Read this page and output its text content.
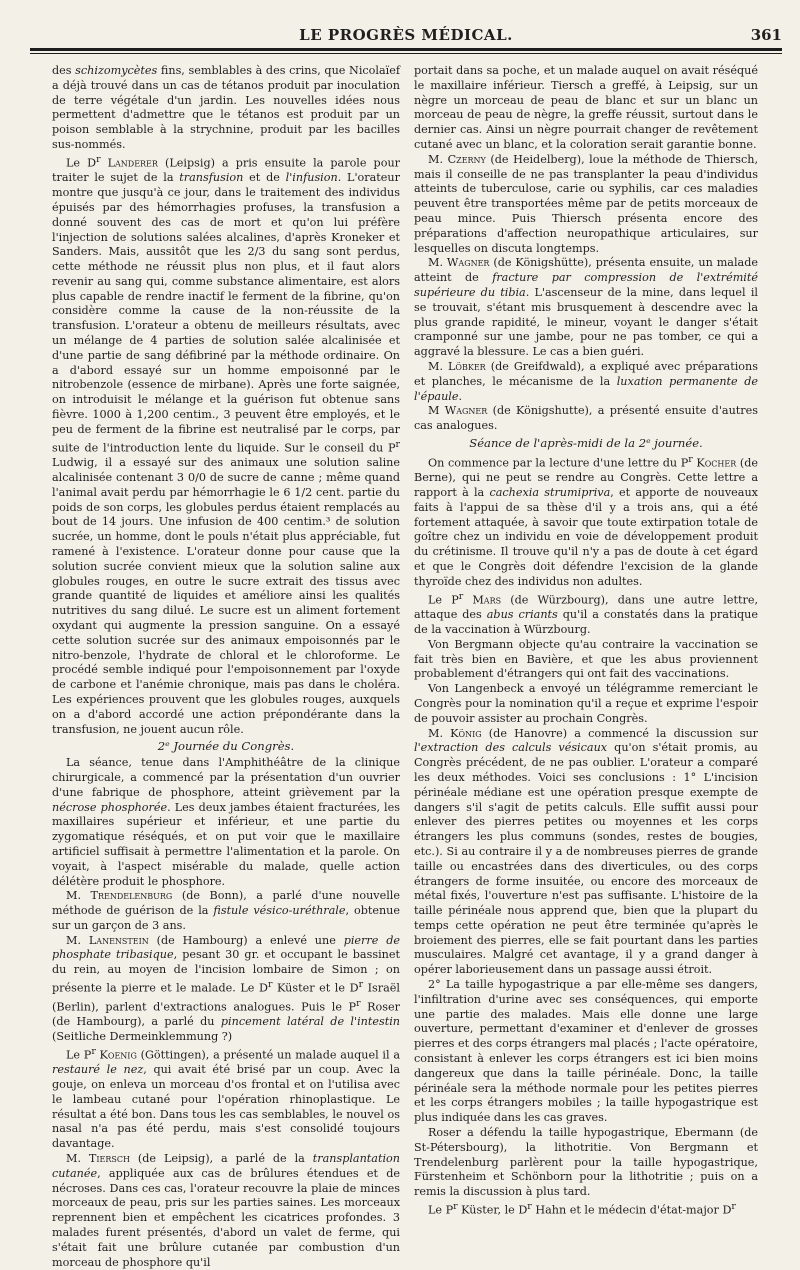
LE PROGRÈS MÉDICAL.	361

des schizomycètes fins, semblables à des crins, que Nicolaïef a déjà trouvé dans un cas de tétanos produit par inoculation de terre végétale d'un jardin. Les nouvelles idées nous permettent d'admettre que le tétanos est produit par un poison semblable à la strychnine, produit par les bacilles sus-nommés.

Le $D^r$ Landerer (Leipsig) a pris ensuite la parole pour traiter le sujet de la transfusion et de l'infusion. L'orateur montre que jusqu'à ce jour, dans le traitement des individus épuisés par des hémorrhagies profuses, la transfusion a donné souvent des cas de mort et qu'on lui préfère l'injection de solutions salées alcalines, d'après Kroneker et Sanders. Mais, aussitôt que les 2/3 du sang sont perdus, cette méthode ne réussit plus non plus, et il faut alors revenir au sang qui, comme substance alimentaire, est alors plus capable de rendre inactif le ferment de la fibrine, qu'on considère comme la cause de la non-réussite de la transfusion. L'orateur a obtenu de meilleurs résultats, avec un mélange de 4 parties de solution salée alcalinisée et d'une partie de sang défibriné par la méthode ordinaire. On a d'abord essayé sur un homme empoisonné par le nitrobenzole (essence de mirbane). Après une forte saignée, on introduisit le mélange et la guérison fut obtenue sans fièvre. 1000 à 1,200 centim., 3 peuvent être employés, et le peu de ferment de la fibrine est neutralisé par le corps, par suite de l'introduction lente du liquide. Sur le conseil du $P^r$ Ludwig, il a essayé sur des animaux une solution saline alcalinisée contenant 3 0/0 de sucre de canne ; même quand l'animal avait perdu par hémorrhagie le 6 1/2 cent. partie du poids de son corps, les globules perdus étaient remplacés au bout de 14 jours. Une infusion de 400 centim.³ de solution sucrée, un homme, dont le pouls n'était plus appréciable, fut ramené à l'existence. L'orateur donne pour cause que la solution sucrée convient mieux que la solution saline aux globules rouges, en outre le sucre extrait des tissus avec grande quantité de liquides et améliore ainsi les qualités nutritives du sang dilué. Le sucre est un aliment fortement oxydant qui augmente la pression sanguine. On a essayé cette solution sucrée sur des animaux empoisonnés par le nitro-benzole, l'hydrate de chloral et le chloroforme. Le procédé semble indiqué pour l'empoisonnement par l'oxyde de carbone et l'anémie chronique, mais pas dans le choléra. Les expériences prouvent que les globules rouges, auxquels on a d'abord accordé une action prépondérante dans la transfusion, ne jouent aucun rôle.

2ᵉ Journée du Congrès.

La séance, tenue dans l'Amphithéâtre de la clinique chirurgicale, a commencé par la présentation d'un ouvrier d'une fabrique de phosphore, atteint grièvement par la nécrose phosphorée. Les deux jambes étaient fracturées, les maxillaires supérieur et inférieur, et une partie du zygomatique réséqués, et on put voir que le maxillaire artificiel suffisait à permettre l'alimentation et la parole. On voyait, à l'aspect misérable du malade, quelle action délétère produit le phosphore.

M. Trendelenburg (de Bonn), a parlé d'une nouvelle méthode de guérison de la fistule vésico-uréthrale, obtenue sur un garçon de 3 ans.

M. Lanenstein (de Hambourg) a enlevé une pierre de phosphate tribasique, pesant 30 gr. et occupant le bassinet du rein, au moyen de l'incision lombaire de Simon ; on présente la pierre et le malade. Le $D^r$ Küster et le $D^r$ Israël (Berlin), parlent d'extractions analogues. Puis le $P^r$ Roser (de Hambourg), a parlé du pincement latéral de l'intestin (Seitliche Dermeinklemmung ?)

Le $P^r$ Koenig (Göttingen), a présenté un malade auquel il a restauré le nez, qui avait été brisé par un coup. Avec la gouje, on enleva un morceau d'os frontal et on l'utilisa avec le lambeau cutané pour l'opération rhinoplastique. Le résultat a été bon. Dans tous les cas semblables, le nouvel os nasal n'a pas été perdu, mais s'est consolidé toujours davantage.

M. Tiersch (de Leipsig), a parlé de la transplantation cutanée, appliquée aux cas de brûlures étendues et de nécroses. Dans ces cas, l'orateur recouvre la plaie de minces morceaux de peau, pris sur les parties saines. Les morceaux reprennent bien et empêchent les cicatrices profondes. 3 malades furent présentés, d'abord un valet de ferme, qui s'était fait une brûlure cutanée par combustion d'un morceau de phosphore qu'il

portait dans sa poche, et un malade auquel on avait réséqué le maxillaire inférieur. Tiersch a greffé, à Leipsig, sur un nègre un morceau de peau de blanc et sur un blanc un morceau de peau de nègre, la greffe réussit, surtout dans le dernier cas. Ainsi un nègre pourrait changer de revêtement cutané avec un blanc, et la coloration serait garantie bonne.

M. Czerny (de Heidelberg), loue la méthode de Thiersch, mais il conseille de ne pas transplanter la peau d'individus atteints de tuberculose, carie ou syphilis, car ces maladies peuvent être transportées même par de petits morceaux de peau mince. Puis Thiersch présenta encore des préparations d'affection neuropathique articulaires, sur lesquelles on discuta longtemps.

M. Wagner (de Königshütte), présenta ensuite, un malade atteint de fracture par compression de l'extrémité supérieure du tibia. L'ascenseur de la mine, dans lequel il se trouvait, s'étant mis brusquement à descendre avec la plus grande rapidité, le mineur, voyant le danger s'était cramponné sur une jambe, pour ne pas tomber, ce qui a aggravé la blessure. Le cas a bien guéri.

M. Löbker (de Greifdwald), a expliqué avec préparations et planches, le mécanisme de la luxation permanente de l'épaule.

M Wagner (de Königshutte), a présenté ensuite d'autres cas analogues.

Séance de l'après-midi de la 2ᵉ journée.

On commence par la lecture d'une lettre du $P^r$ Kocher (de Berne), qui ne peut se rendre au Congrès. Cette lettre a rapport à la cachexia strumipriva, et apporte de nouveaux faits à l'appui de sa thèse d'il y a trois ans, qui a été fortement attaquée, à savoir que toute extirpation totale de goître chez un individu en voie de développement produit du crétinisme. Il trouve qu'il n'y a pas de doute à cet égard et que le Congrès doit défendre l'excision de la glande thyroïde chez des individus non adultes.

Le $P^r$ Mars (de Würzbourg), dans une autre lettre, attaque des abus criants qu'il a constatés dans la pratique de la vaccination à Würzbourg.

Von Bergmann objecte qu'au contraire la vaccination se fait très bien en Bavière, et que les abus proviennent probablement d'étrangers qui ont fait des vaccinations.

Von Langenbeck a envoyé un télégramme remerciant le Congrès pour la nomination qu'il a reçue et exprime l'espoir de pouvoir assister au prochain Congrès.

M. König (de Hanovre) a commencé la discussion sur l'extraction des calculs vésicaux qu'on s'était promis, au Congrès précédent, de ne pas oublier. L'orateur a comparé les deux méthodes. Voici ses conclusions : 1° L'incision périnéale médiane est une opération presque exempte de dangers s'il s'agit de petits calculs. Elle suffit aussi pour enlever des pierres petites ou moyennes et les corps étrangers les plus communs (sondes, restes de bougies, etc.). Si au contraire il y a de nombreuses pierres de grande taille ou encastrées dans des diverticules, ou des corps étrangers de forme insuitée, ou encore des morceaux de métal fixés, l'ouverture n'est pas suffisante. L'histoire de la taille périnéale nous apprend que, bien que la plupart du temps cette opération ne peut être terminée qu'après le broiement des pierres, elle se fait pourtant dans les parties musculaires. Malgré cet avantage, il y a grand danger à opérer laborieusement dans un passage aussi étroit.

2° La taille hypogastrique a par elle-même ses dangers, l'infiltration d'urine avec ses conséquences, qui emporte une partie des malades. Mais elle donne une large ouverture, permettant d'examiner et d'enlever de grosses pierres et des corps étrangers mal placés ; l'acte opératoire, consistant à enlever les corps étrangers est ici bien moins dangereux que dans la taille périnéale. Donc, la taille périnéale sera la méthode normale pour les petites pierres et les corps étrangers mobiles ; la taille hypogastrique est plus indiquée dans les cas graves.

Roser a défendu la taille hypogastrique, Ebermann (de St-Pétersbourg), la lithotritie. Von Bergmann et Trendelenburg parlèrent pour la taille hypogastrique, Fürstenheim et Schönborn pour la lithotritie ; puis on a remis la discussion à plus tard.

Le $P^r$ Küster, le $D^r$ Hahn et le médecin d'état-major $D^r$
